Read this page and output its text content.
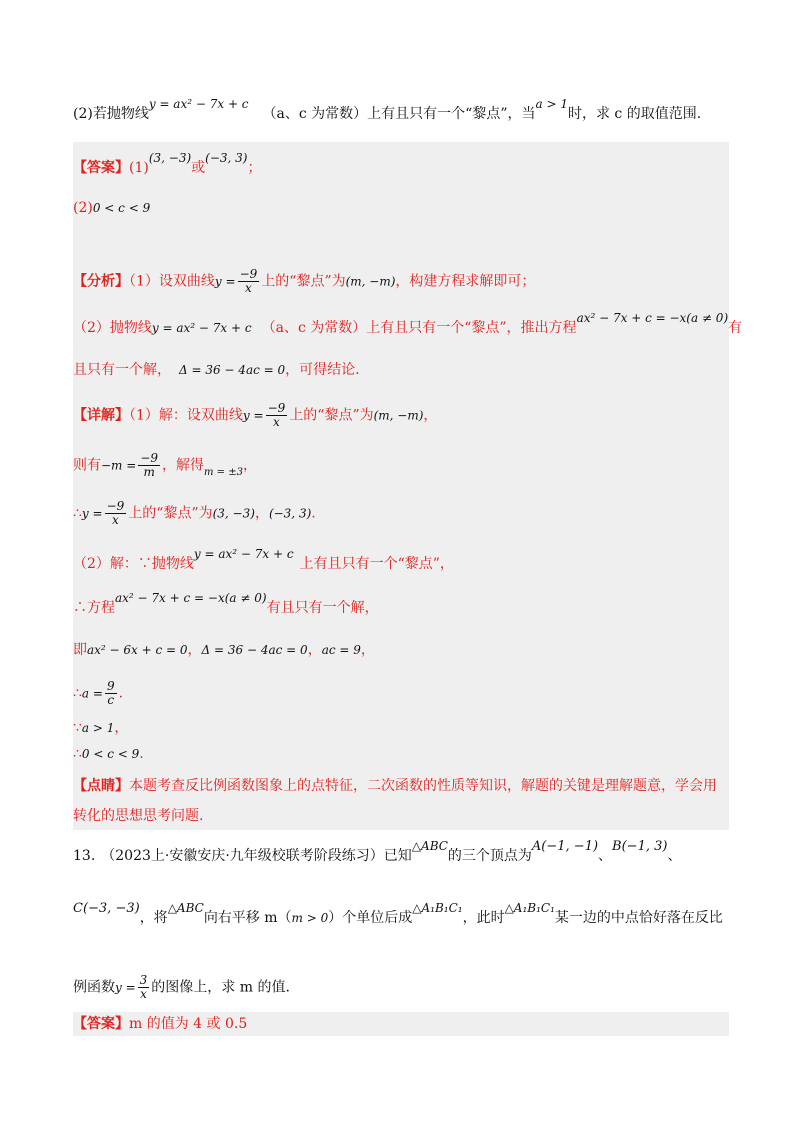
(2)若抛物线y = ax² − 7x + c（a、c 为常数）上有且只有一个“黎点”，当a > 1时，求 c 的取值范围.
【答案】(1)(3, −3)或(−3, 3)；
(2)0 < c < 9
【分析】（1）设双曲线$y = \frac{-9}{x}$ 上的“黎点”为(m, −m)，构建方程求解即可；
（2）抛物线y = ax² − 7x + c （a、c 为常数）上有且只有一个“黎点”，推出方程ax² − 7x + c = −x(a ≠ 0)有
且只有一个解， Δ = 36 − 4ac = 0，可得结论.
【详解】（1）解：设双曲线$y = \frac{-9}{x}$ 上的“黎点”为(m, −m)，
则有$-m = \frac{-9}{m}$ ，解得$_{m = \pm 3}$，
∴y = $\frac{-9}{x}$ 上的“黎点”为(3, −3)，(−3, 3).
（2）解：∵抛物线y = ax² − 7x + c上有且只有一个“黎点”，
∴方程ax² − 7x + c = −x(a ≠ 0)有且只有一个解，
即ax² − 6x + c = 0，Δ = 36 − 4ac = 0，ac = 9，
∴a = $\frac{9}{c}$ .
∵a > 1，
∴0 < c < 9.
【点睛】本题考查反比例函数图象上的点特征，二次函数的性质等知识，解题的关键是理解题意，学会用
转化的思想思考问题.
13. （2023上·安徽安庆·九年级校联考阶段练习）已知△ABC的三个顶点为A(−1, −1)、B(−1, 3)、
C(−3, −3)，将△ABC向右平移 m（m > 0）个单位后成△A₁B₁C₁，此时△A₁B₁C₁某一边的中点恰好落在反比
例函数$y = \frac{3}{x}$ 的图像上，求 m 的值.
【答案】m 的值为 4 或 0.5
